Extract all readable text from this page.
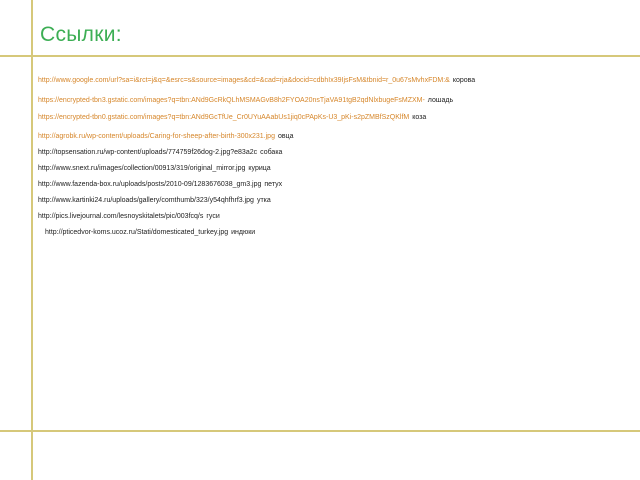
Ссылки:
http://www.google.com/url?sa=i&rct=j&q=&esrc=s&source=images&cd=&cad=rja&docid=cdbhIx39IjsFsM&tbnid=r_0u67sMvhxFDM:& корова
https://encrypted-tbn3.gstatic.com/images?q=tbn:ANd9GcRkQLhMSMAGvB8h2FYOA20nsTjaVA91tgB2qdNlxbugeFsMZXM- лошадь
https://encrypted-tbn0.gstatic.com/images?q=tbn:ANd9GcTfUe_Cr0UYuAAabUs1jiq0cPApKs-U3_pKi-s2pZMBfSzQKlfM коза
http://agrobk.ru/wp-content/uploads/Caring-for-sheep-after-birth-300x231.jpg овца
http://topsensation.ru/wp-content/uploads/774759f26dog-2.jpg?e83a2c собака
http://www.snext.ru/images/collection/00913/319/original_mirror.jpg курица
http://www.fazenda-box.ru/uploads/posts/2010-09/1283676038_gm3.jpg петух
http://www.kartinki24.ru/uploads/gallery/comthumb/323/y54qhfhrf3.jpg утка
http://pics.livejournal.com/lesnoyskitalets/pic/003fcq/s гуси
http://pticedvor-koms.ucoz.ru/Stati/domesticated_turkey.jpg индюки
